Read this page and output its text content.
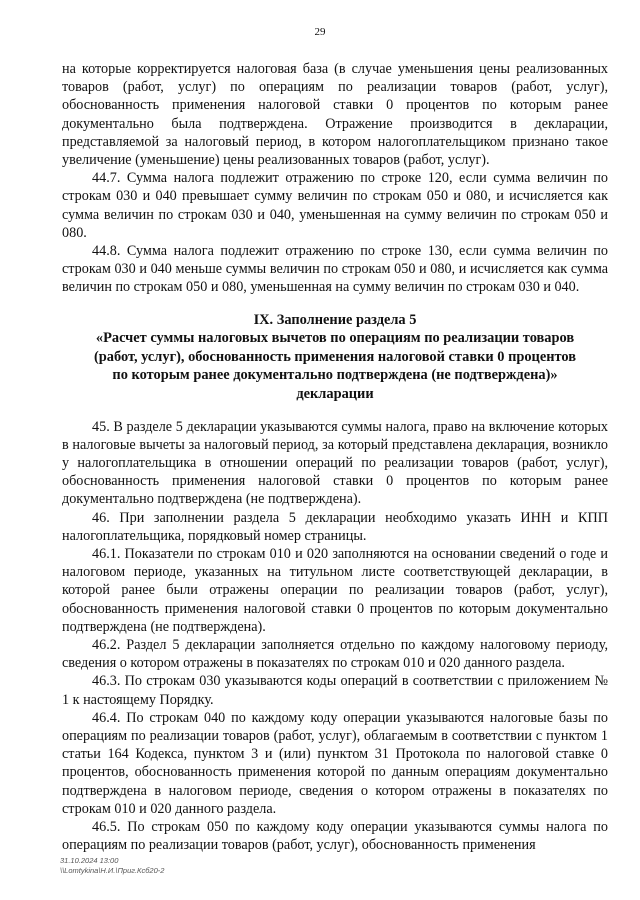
29

на которые корректируется налоговая база (в случае уменьшения цены реализованных товаров (работ, услуг) по операциям по реализации товаров (работ, услуг), обоснованность применения налоговой ставки 0 процентов по которым ранее документально была подтверждена. Отражение производится в декларации, представляемой за налоговый период, в котором налогоплательщиком признано такое увеличение (уменьшение) цены реализованных товаров (работ, услуг).

44.7. Сумма налога подлежит отражению по строке 120, если сумма величин по строкам 030 и 040 превышает сумму величин по строкам 050 и 080, и исчисляется как сумма величин по строкам 030 и 040, уменьшенная на сумму величин по строкам 050 и 080.

44.8. Сумма налога подлежит отражению по строке 130, если сумма величин по строкам 030 и 040 меньше суммы величин по строкам 050 и 080, и исчисляется как сумма величин по строкам 050 и 080, уменьшенная на сумму величин по строкам 030 и 040.

IX. Заполнение раздела 5
«Расчет суммы налоговых вычетов по операциям по реализации товаров (работ, услуг), обоснованность применения налоговой ставки 0 процентов по которым ранее документально подтверждена (не подтверждена)» декларации

45. В разделе 5 декларации указываются суммы налога, право на включение которых в налоговые вычеты за налоговый период, за который представлена декларация, возникло у налогоплательщика в отношении операций по реализации товаров (работ, услуг), обоснованность применения налоговой ставки 0 процентов по которым ранее документально подтверждена (не подтверждена).

46. При заполнении раздела 5 декларации необходимо указать ИНН и КПП налогоплательщика, порядковый номер страницы.

46.1. Показатели по строкам 010 и 020 заполняются на основании сведений о годе и налоговом периоде, указанных на титульном листе соответствующей декларации, в которой ранее были отражены операции по реализации товаров (работ, услуг), обоснованность применения налоговой ставки 0 процентов по которым документально подтверждена (не подтверждена).

46.2. Раздел 5 декларации заполняется отдельно по каждому налоговому периоду, сведения о котором отражены в показателях по строкам 010 и 020 данного раздела.

46.3. По строкам 030 указываются коды операций в соответствии с приложением № 1 к настоящему Порядку.

46.4. По строкам 040 по каждому коду операции указываются налоговые базы по операциям по реализации товаров (работ, услуг), облагаемым в соответствии с пунктом 1 статьи 164 Кодекса, пунктом 3 и (или) пунктом 31 Протокола по налоговой ставке 0 процентов, обоснованность применения которой по данным операциям документально подтверждена в налоговом периоде, сведения о котором отражены в показателях по строкам 010 и 020 данного раздела.

46.5. По строкам 050 по каждому коду операции указываются суммы налога по операциям по реализации товаров (работ, услуг), обоснованность применения

31.10.2024 13:00
\\Lomtykina\Н.И.\Приг.Ксб20-2
